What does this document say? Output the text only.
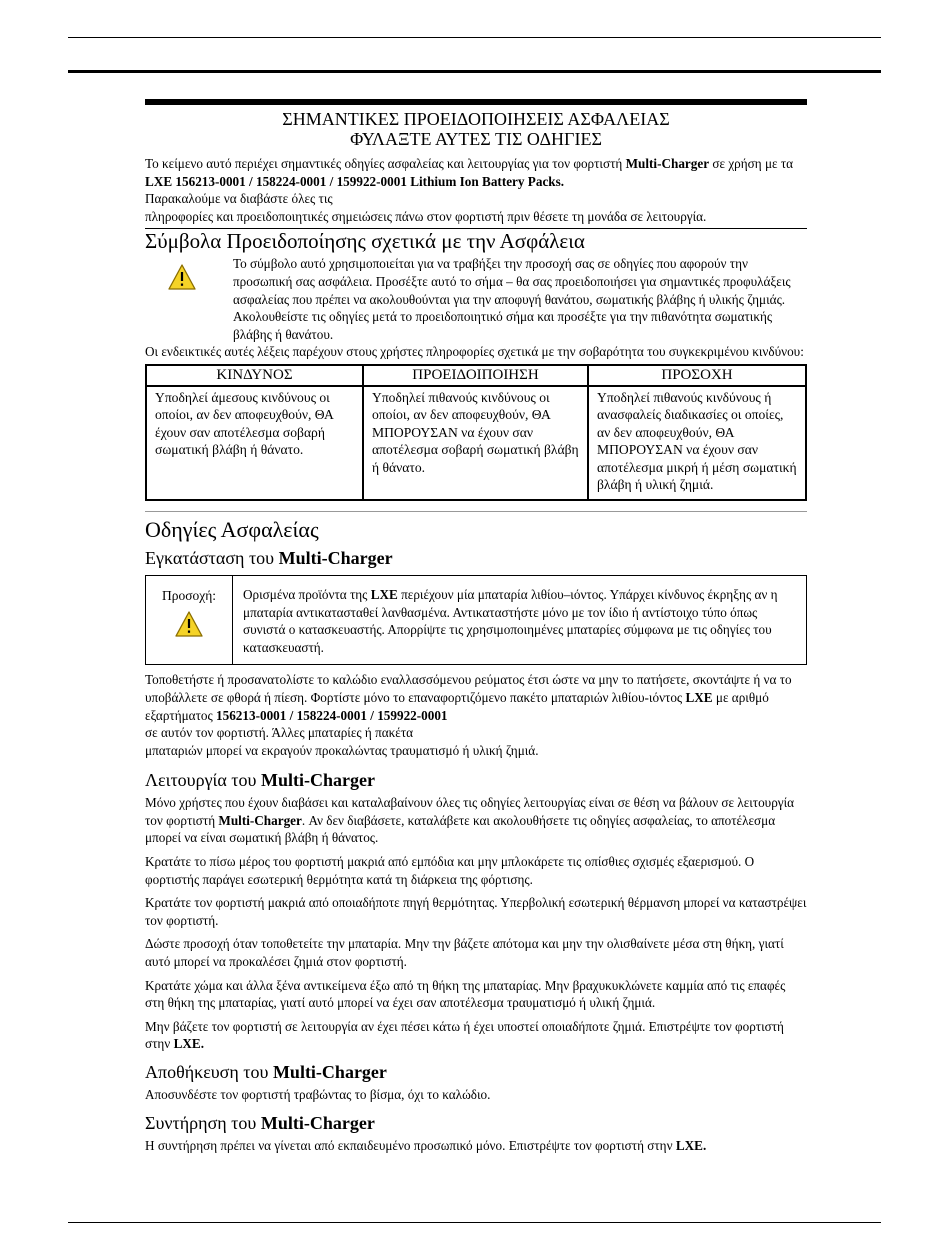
ΣΗΜΑΝΤΙΚΕΣ ΠΡΟΕΙΔΟΠΟΙΗΣΕΙΣ ΑΣΦΑΛΕΙΑΣ
ΦΥΛΑΞΤΕ ΑΥΤΕΣ ΤΙΣ ΟΔΗΓΙΕΣ

Το κείμενο αυτό περιέχει σημαντικές οδηγίες ασφαλείας και λειτουργίας για τον φορτιστή Multi-Charger σε χρήση με τα LXE 156213-0001 / 158224-0001 / 159922-0001 Lithium Ion Battery Packs.

Παρακαλούμε να διαβάστε όλες τις

πληροφορίες και προειδοποιητικές σημειώσεις πάνω στον φορτιστή πριν θέσετε τη μονάδα σε λειτουργία.

Σύμβολα Προειδοποίησης σχετικά με την Ασφάλεια

Το σύμβολο αυτό χρησιμοποιείται για να τραβήξει την προσοχή σας σε οδηγίες που αφορούν την προσωπική σας ασφάλεια. Προσέξτε αυτό το σήμα – θα σας προειδοποιήσει για σημαντικές προφυλάξεις ασφαλείας που πρέπει να ακολουθούνται για την αποφυγή θανάτου, σωματικής βλάβης ή υλικής ζημιάς. Ακολουθείστε τις οδηγίες μετά το προειδοποιητικό σήμα και προσέξτε για την πιθανότητα σωματικής βλάβης ή θανάτου.

Οι ενδεικτικές αυτές λέξεις παρέχουν στους χρήστες πληροφορίες σχετικά με την σοβαρότητα του συγκεκριμένου κινδύνου:

ΚΙΝΔΥΝΟΣ	ΠΡΟΕΙΔΟΙΠΟΙΗΣΗ	ΠΡΟΣΟΧΗ
Υποδηλεί άμεσους κινδύνους οι οποίοι, αν δεν αποφευχθούν, ΘΑ έχουν σαν αποτέλεσμα σοβαρή σωματική βλάβη ή θάνατο.	Υποδηλεί πιθανούς κινδύνους οι οποίοι, αν δεν αποφευχθούν, ΘΑ ΜΠΟΡΟΥΣΑΝ να έχουν σαν αποτέλεσμα σοβαρή σωματική βλάβη ή θάνατο.	Υποδηλεί πιθανούς κινδύνους ή ανασφαλείς διαδικασίες οι οποίες, αν δεν αποφευχθούν, ΘΑ ΜΠΟΡΟΥΣΑΝ να έχουν σαν αποτέλεσμα μικρή ή μέση σωματική βλάβη ή υλική ζημιά.
Οδηγίες Ασφαλείας
Εγκατάσταση του Multi-Charger
Προσοχή:	Ορισμένα προϊόντα της LXE περιέχουν μία μπαταρία λιθίου–ιόντος. Υπάρχει κίνδυνος έκρηξης αν η μπαταρία αντικατασταθεί λανθασμένα. Αντικαταστήστε μόνο με τον ίδιο ή αντίστοιχο τύπο όπως συνιστά ο κατασκευαστής. Απορρίψτε τις χρησιμοποιημένες μπαταρίες σύμφωνα με τις οδηγίες του κατασκευαστή.

Τοποθετήστε ή προσανατολίστε το καλώδιο εναλλασσόμενου ρεύματος έτσι ώστε να μην το πατήσετε, σκοντάψτε ή να το υποβάλλετε σε φθορά ή πίεση. Φορτίστε μόνο το επαναφορτιζόμενο πακέτο μπαταριών λιθίου-ιόντος LXE με αριθμό εξαρτήματος 156213-0001 / 158224-0001 / 159922-0001

σε αυτόν τον φορτιστή. Άλλες μπαταρίες ή πακέτα

μπαταριών μπορεί να εκραγούν προκαλώντας τραυματισμό ή υλική ζημιά.

Λειτουργία του Multi-Charger

Μόνο χρήστες που έχουν διαβάσει και καταλαβαίνουν όλες τις οδηγίες λειτουργίας είναι σε θέση να βάλουν σε λειτουργία τον φορτιστή Multi-Charger. Αν δεν διαβάσετε, καταλάβετε και ακολουθήσετε τις οδηγίες ασφαλείας, το αποτέλεσμα μπορεί να είναι σωματική βλάβη ή θάνατος.

Κρατάτε το πίσω μέρος του φορτιστή μακριά από εμπόδια και μην μπλοκάρετε τις οπίσθιες σχισμές εξαερισμού. Ο φορτιστής παράγει εσωτερική θερμότητα κατά τη διάρκεια της φόρτισης.

Κρατάτε τον φορτιστή μακριά από οποιαδήποτε πηγή θερμότητας. Υπερβολική εσωτερική θέρμανση μπορεί να καταστρέψει τον φορτιστή.

Δώστε προσοχή όταν τοποθετείτε την μπαταρία. Μην την βάζετε απότομα και μην την ολισθαίνετε μέσα στη θήκη, γιατί αυτό μπορεί να προκαλέσει ζημιά στον φορτιστή.

Κρατάτε χώμα και άλλα ξένα αντικείμενα έξω από τη θήκη της μπαταρίας. Μην βραχυκυκλώνετε καμμία από τις επαφές στη θήκη της μπαταρίας, γιατί αυτό μπορεί να έχει σαν αποτέλεσμα τραυματισμό ή υλική ζημιά.

Μην βάζετε τον φορτιστή σε λειτουργία αν έχει πέσει κάτω ή έχει υποστεί οποιαδήποτε ζημιά. Επιστρέψτε τον φορτιστή στην LXE.

Αποθήκευση του Multi-Charger

Αποσυνδέστε τον φορτιστή τραβώντας το βίσμα, όχι το καλώδιο.

Συντήρηση του Multi-Charger

Η συντήρηση πρέπει να γίνεται από εκπαιδευμένο προσωπικό μόνο. Επιστρέψτε τον φορτιστή στην LXE.
